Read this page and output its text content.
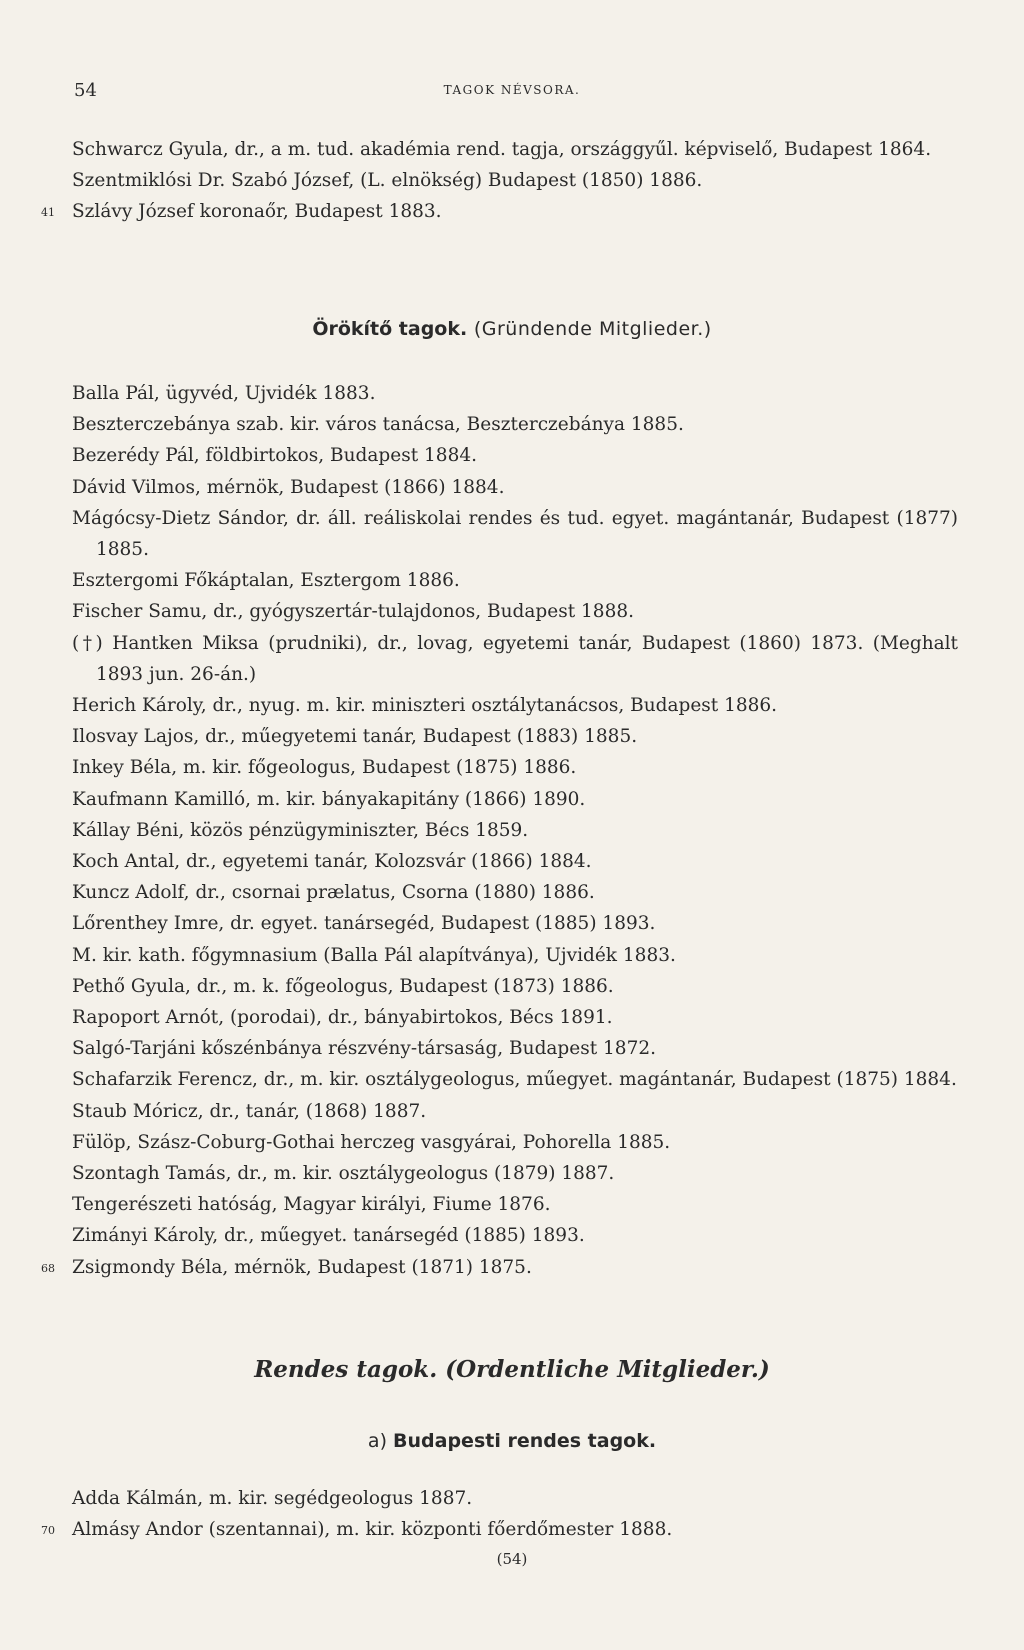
54	TAGOK NÉVSORA.
Schwarcz Gyula, dr., a m. tud. akadémia rend. tagja, országgyűl. képviselő, Budapest 1864.
Szentmiklósi Dr. Szabó József, (L. elnökség) Budapest (1850) 1886.
41 Szlávy József koronaőr, Budapest 1883.
Örökítő tagok. (Gründende Mitglieder.)
Balla Pál, ügyvéd, Ujvidék 1883.
Beszterczebánya szab. kir. város tanácsa, Beszterczebánya 1885.
Bezerédy Pál, földbirtokos, Budapest 1884.
Dávid Vilmos, mérnök, Budapest (1866) 1884.
Mágócsy-Dietz Sándor, dr. áll. reáliskolai rendes és tud. egyet. magántanár, Budapest (1877) 1885.
Esztergomi Főkáptalan, Esztergom 1886.
Fischer Samu, dr., gyógyszertár-tulajdonos, Budapest 1888.
(†) Hantken Miksa (prudniki), dr., lovag, egyetemi tanár, Budapest (1860) 1873. (Meghalt 1893 jun. 26-án.)
Herich Károly, dr., nyug. m. kir. miniszteri osztálytanácsos, Budapest 1886.
Ilosvay Lajos, dr., műegyetemi tanár, Budapest (1883) 1885.
Inkey Béla, m. kir. főgeologus, Budapest (1875) 1886.
Kaufmann Kamilló, m. kir. bányakapitány (1866) 1890.
Kállay Béni, közös pénzügyminiszter, Bécs 1859.
Koch Antal, dr., egyetemi tanár, Kolozsvár (1866) 1884.
Kuncz Adolf, dr., csornai prælatus, Csorna (1880) 1886.
Lőrenthey Imre, dr. egyet. tanársegéd, Budapest (1885) 1893.
M. kir. kath. főgymnasium (Balla Pál alapítványa), Ujvidék 1883.
Pethő Gyula, dr., m. k. főgeologus, Budapest (1873) 1886.
Rapoport Arnót, (porodai), dr., bányabirtokos, Bécs 1891.
Salgó-Tarjáni kőszénbánya részvény-társaság, Budapest 1872.
Schafarzik Ferencz, dr., m. kir. osztálygeologus, műegyet. magántanár, Budapest (1875) 1884.
Staub Móricz, dr., tanár, (1868) 1887.
Fülöp, Szász-Coburg-Gothai herczeg vasgyárai, Pohorella 1885.
Szontagh Tamás, dr., m. kir. osztálygeologus (1879) 1887.
Tengerészeti hatóság, Magyar királyi, Fiume 1876.
Zimányi Károly, dr., műegyet. tanársegéd (1885) 1893.
68 Zsigmondy Béla, mérnök, Budapest (1871) 1875.
Rendes tagok. (Ordentliche Mitglieder.)
a) Budapesti rendes tagok.
Adda Kálmán, m. kir. segédgeologus 1887.
70 Almásy Andor (szentannai), m. kir. központi főerdőmester 1888.
(54)
